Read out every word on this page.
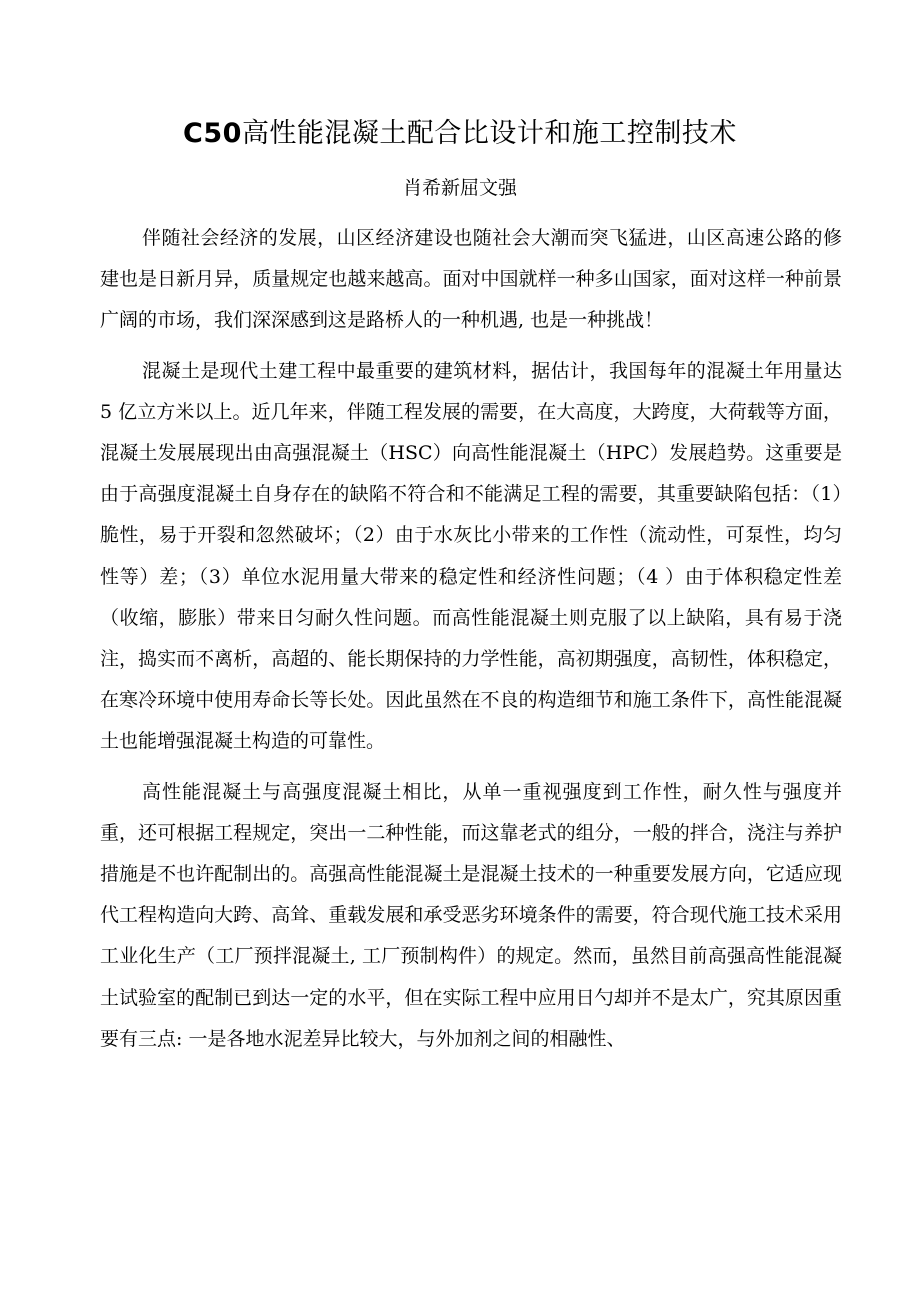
C50高性能混凝土配合比设计和施工控制技术

肖希新屈文强

伴随社会经济的发展，山区经济建设也随社会大潮而突飞猛进，山区高速公路的修建也是日新月异，质量规定也越来越高。面对中国就样一种多山国家，面对这样一种前景广阔的市场，我们深深感到这是路桥人的一种机遇, 也是一种挑战！

混凝土是现代土建工程中最重要的建筑材料，据估计，我国每年的混凝土年用量达 5 亿立方米以上。近几年来，伴随工程发展的需要，在大高度，大跨度，大荷载等方面，混凝土发展展现出由高强混凝土（HSC）向高性能混凝土（HPC）发展趋势。这重要是由于高强度混凝土自身存在的缺陷不符合和不能满足工程的需要，其重要缺陷包括：（1）脆性，易于开裂和忽然破坏；（2）由于水灰比小带来的工作性（流动性，可泵性，均匀性等）差；（3）单位水泥用量大带来的稳定性和经济性问题；（4 ）由于体积稳定性差（收缩，膨胀）带来日匀耐久性问题。而高性能混凝土则克服了以上缺陷，具有易于浇注，捣实而不离析，高超的、能长期保持的力学性能，高初期强度，高韧性，体积稳定，在寒冷环境中使用寿命长等长处。因此虽然在不良的构造细节和施工条件下，高性能混凝土也能增强混凝土构造的可靠性。

高性能混凝土与高强度混凝土相比，从单一重视强度到工作性，耐久性与强度并重，还可根据工程规定，突出一二种性能，而这靠老式的组分，一般的拌合，浇注与养护措施是不也许配制出的。高强高性能混凝土是混凝土技术的一种重要发展方向，它适应现代工程构造向大跨、高耸、重载发展和承受恶劣环境条件的需要，符合现代施工技术采用工业化生产（工厂预拌混凝土, 工厂预制构件）的规定。然而，虽然目前高强高性能混凝土试验室的配制已到达一定的水平，但在实际工程中应用日勺却并不是太广，究其原因重要有三点: 一是各地水泥差异比较大，与外加剂之间的相融性、
